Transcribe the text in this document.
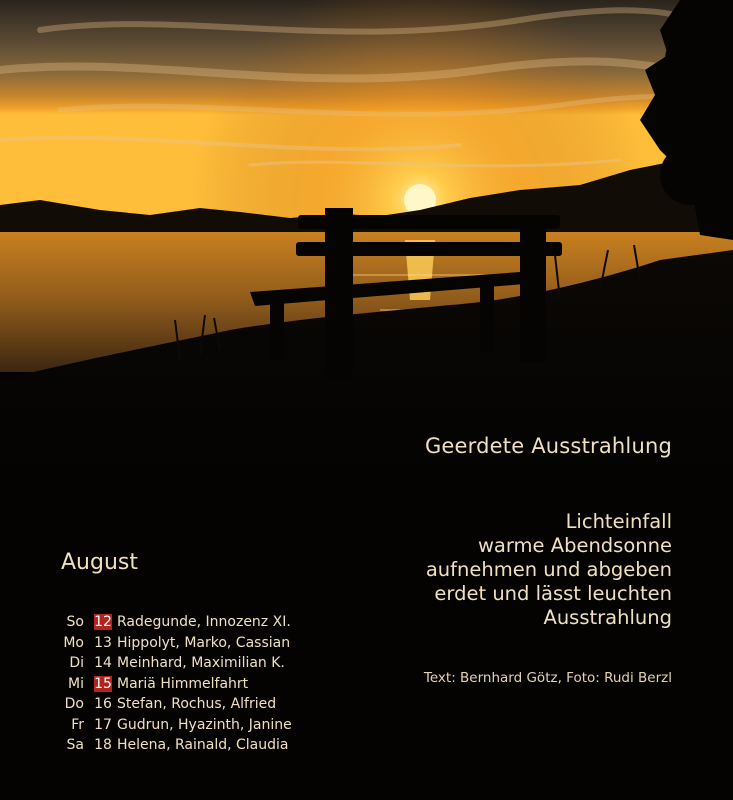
Geerdete Ausstrahlung
Lichteinfall
warme Abendsonne
aufnehmen und abgeben
erdet und lässt leuchten
Ausstrahlung
Text: Bernhard Götz, Foto: Rudi Berzl
August
So 12 Radegunde, Innozenz XI.
Mo 13 Hippolyt, Marko, Cassian
Di 14 Meinhard, Maximilian K.
Mi 15 Mariä Himmelfahrt
Do 16 Stefan, Rochus, Alfried
Fr 17 Gudrun, Hyazinth, Janine
Sa 18 Helena, Rainald, Claudia
